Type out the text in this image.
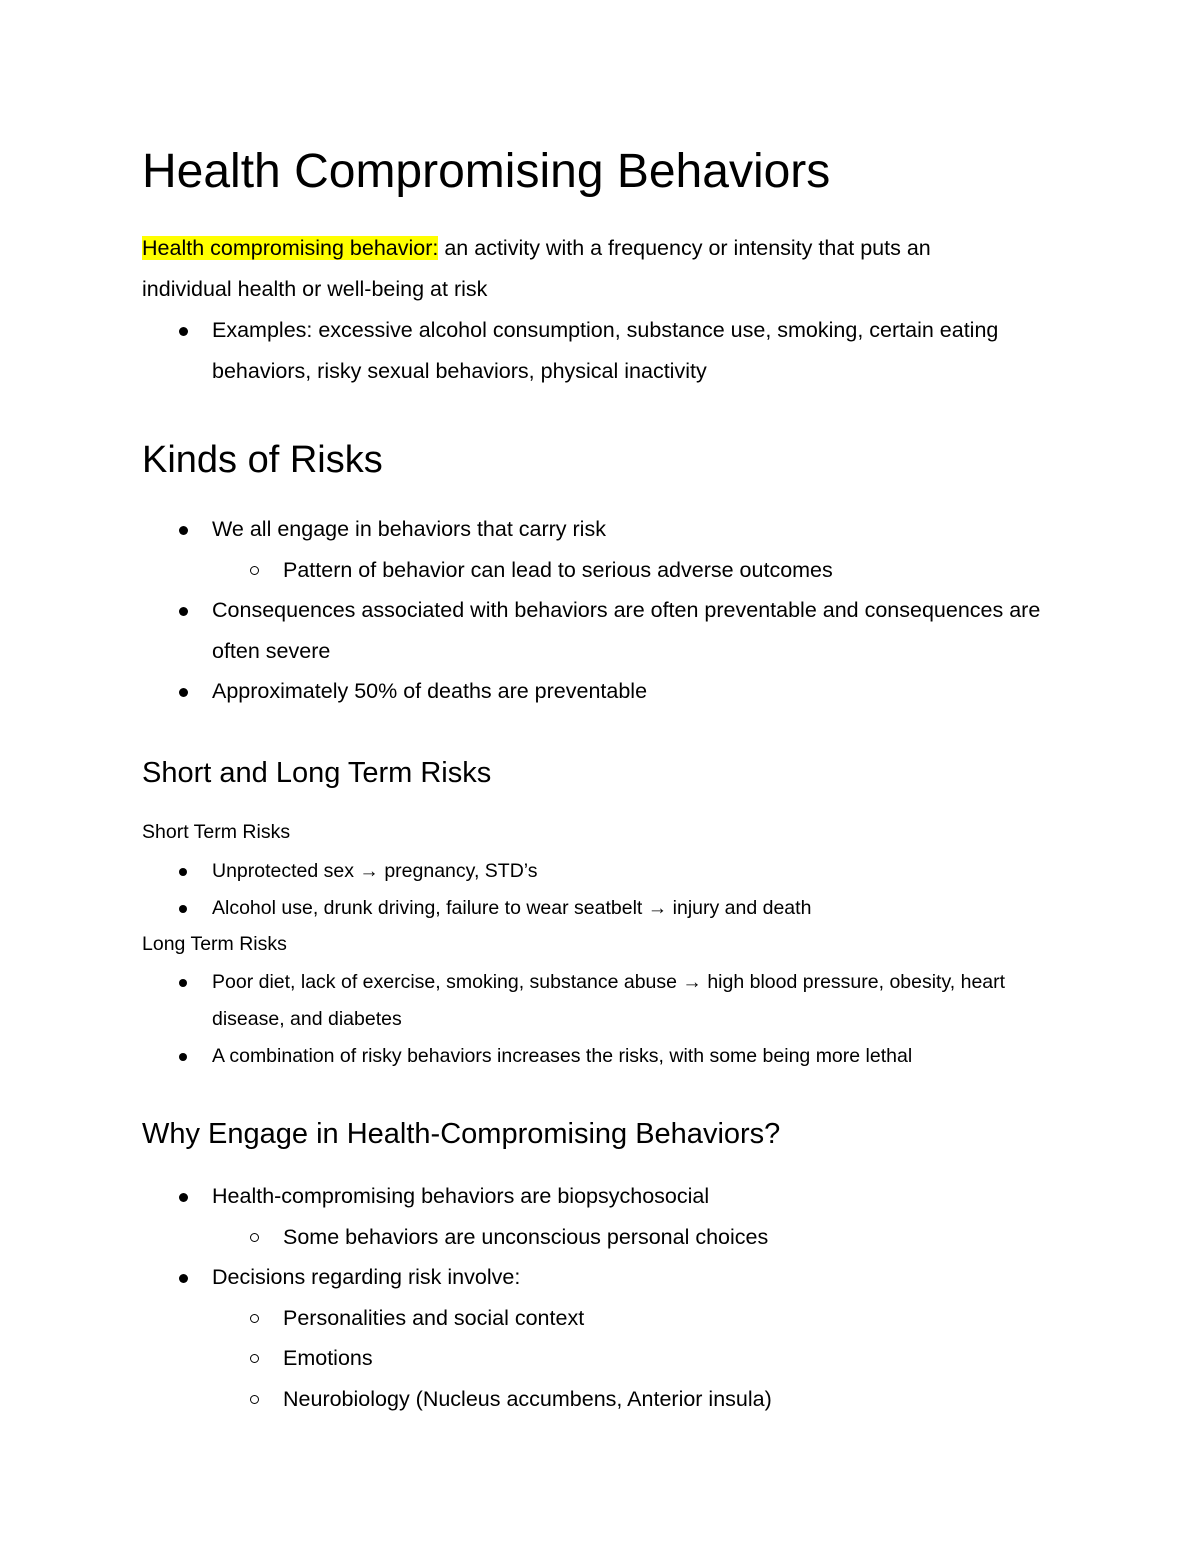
Health Compromising Behaviors

Health compromising behavior: an activity with a frequency or intensity that puts an
individual health or well-being at risk

Examples: excessive alcohol consumption, substance use, smoking, certain eating behaviors, risky sexual behaviors, physical inactivity
Kinds of Risks
We all engage in behaviors that carry risk
Pattern of behavior can lead to serious adverse outcomes
Consequences associated with behaviors are often preventable and consequences are often severe
Approximately 50% of deaths are preventable
Short and Long Term Risks

Short Term Risks

Unprotected sex → pregnancy, STD’s
Alcohol use, drunk driving, failure to wear seatbelt → injury and death

Long Term Risks

Poor diet, lack of exercise, smoking, substance abuse → high blood pressure, obesity, heart disease, and diabetes
A combination of risky behaviors increases the risks, with some being more lethal
Why Engage in Health-Compromising Behaviors?
Health-compromising behaviors are biopsychosocial
Some behaviors are unconscious personal choices
Decisions regarding risk involve:
Personalities and social context
Emotions
Neurobiology (Nucleus accumbens, Anterior insula)
